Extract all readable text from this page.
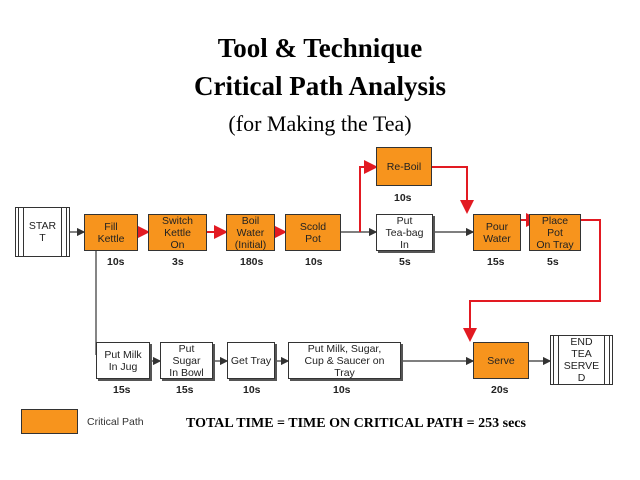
Tool & Technique
Critical Path Analysis
(for Making the Tea)
STAR
T
Fill
Kettle
Switch
Kettle
On
Boil
Water
(Initial)
Scold
Pot
Put
Tea-bag
In
Re-Boil
Pour
Water
Place
Pot
On Tray
Put Milk
In Jug
Put
Sugar
In Bowl
Get Tray
Put Milk, Sugar,
Cup & Saucer on
Tray
Serve
END
TEA
SERVE
D
10s	3s	180s	10s	5s
10s
15s	5s
15s	15s	10s	10s	20s
Critical Path	TOTAL TIME = TIME ON CRITICAL PATH = 253 secs
